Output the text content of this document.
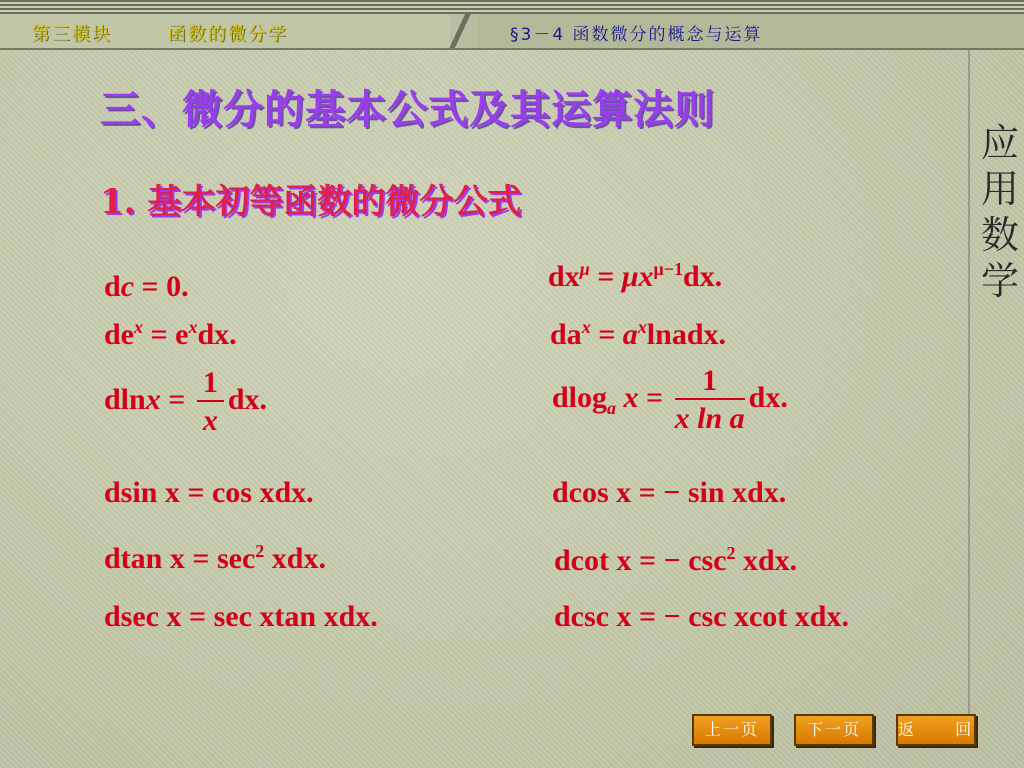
第三模块	函数的微分学	§3－4 函数微分的概念与运算
应
用
数
学
三、微分的基本公式及其运算法则
1. 基本初等函数的微分公式
dc = 0.	$dx^\mu = \mu x^{\mu-1}dx$.
$de^x = e^xdx$.	$da^x$ = $a^xlnadx$.
$dlnx = \frac{1}{x}$ dx.	dlog$_a$ $x = \frac{1}{\text{x ln a}}$ dx.
dsin x = cos xdx.	dcos x = − sin xdx.
dtan $x = \sec^2$ xdx.	dcot x = − $\csc^2$ xdx.
dsec x = sec xtan xdx.	dcsc x = − csc xcot xdx.
上一页	下一页	返 回
